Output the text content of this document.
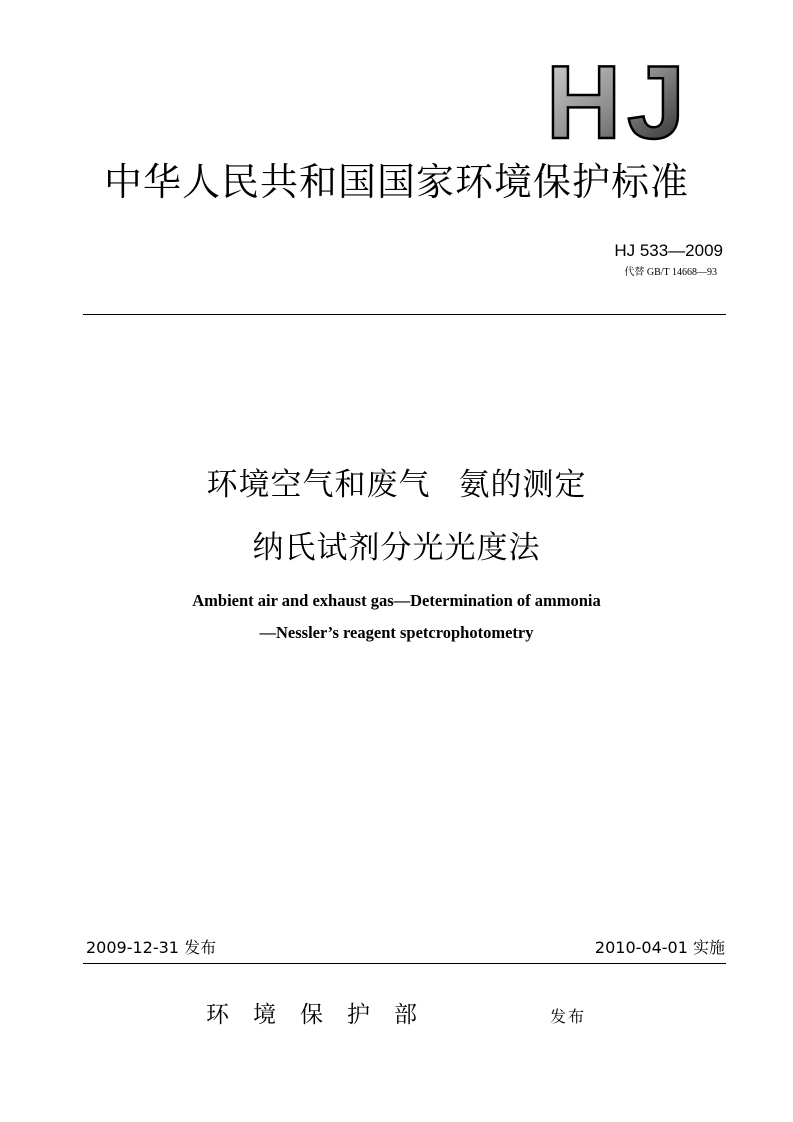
HJ
中华人民共和国国家环境保护标准
HJ 533—2009
代替 GB/T 14668—93
环境空气和废气 氨的测定
纳氏试剂分光光度法
Ambient air and exhaust gas—Determination of ammonia
—Nessler’s reagent spetcrophotometry
2009-12-31 发布	2010-04-01 实施
环境保护部	发布
